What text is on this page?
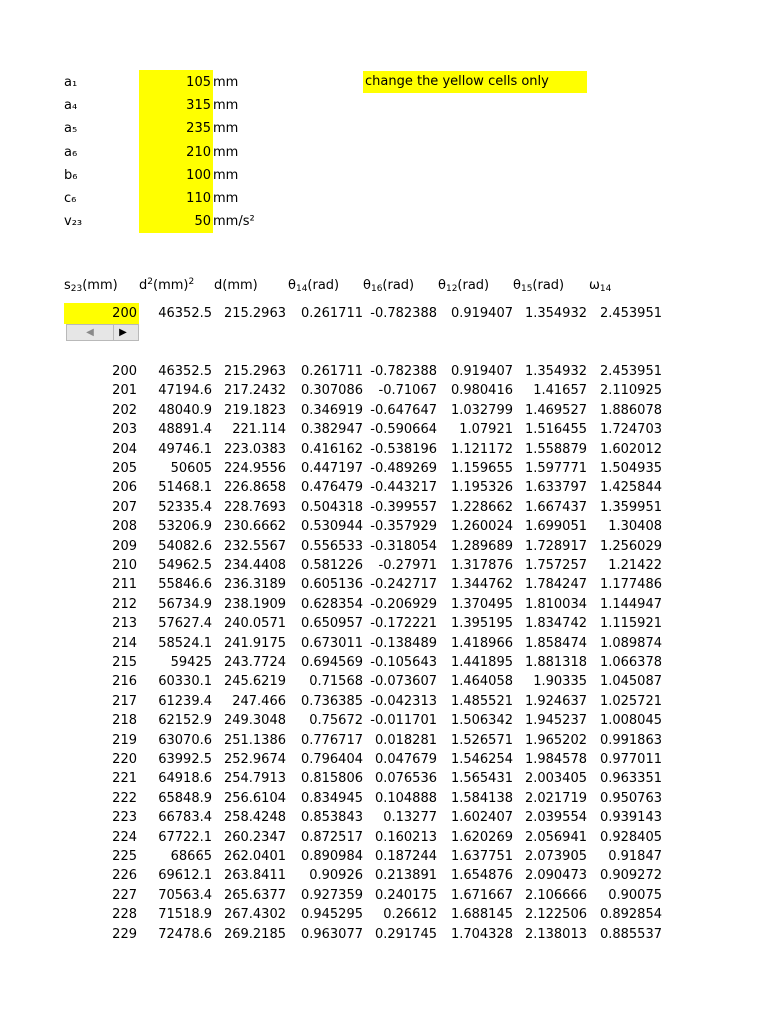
a₁	105 mm
a₄	315 mm
a₅	235 mm
a₆	210 mm
b₆	100 mm
c₆	110 mm
v₂₃	50 mm/s²
change the yellow cells only
$s_{23}(mm)$ $d^2(mm)^2$ d(mm) $\theta_{14}(rad)$ $\theta_{16}(rad)$ $\theta_{12}(rad)$ $\theta_{15}(rad)$ $\omega_{14}$
200 46352.5 215.2963 0.261711 -0.782388 0.919407 1.354932 2.453951
◀	▶
200 46352.5 215.2963 0.261711 -0.782388 0.919407 1.354932 2.453951
201 47194.6 217.2432 0.307086 -0.71067 0.980416 1.41657 2.110925
202 48040.9 219.1823 0.346919 -0.647647 1.032799 1.469527 1.886078
203 48891.4 221.114 0.382947 -0.590664 1.07921 1.516455 1.724703
204 49746.1 223.0383 0.416162 -0.538196 1.121172 1.558879 1.602012
205	50605 224.9556 0.447197 -0.489269 1.159655 1.597771 1.504935
206 51468.1 226.8658 0.476479 -0.443217 1.195326 1.633797 1.425844
207 52335.4 228.7693 0.504318 -0.399557 1.228662 1.667437 1.359951
208 53206.9 230.6662 0.530944 -0.357929 1.260024 1.699051 1.30408
209 54082.6 232.5567 0.556533 -0.318054 1.289689 1.728917 1.256029
210 54962.5 234.4408 0.581226 -0.27971 1.317876 1.757257 1.21422
211 55846.6 236.3189 0.605136 -0.242717 1.344762 1.784247 1.177486
212 56734.9 238.1909 0.628354 -0.206929 1.370495 1.810034 1.144947
213 57627.4 240.0571 0.650957 -0.172221 1.395195 1.834742 1.115921
214 58524.1 241.9175 0.673011 -0.138489 1.418966 1.858474 1.089874
215	59425 243.7724 0.694569 -0.105643 1.441895 1.881318 1.066378
216 60330.1 245.6219 0.71568 -0.073607 1.464058 1.90335 1.045087
217 61239.4 247.466 0.736385 -0.042313 1.485521 1.924637 1.025721
218 62152.9 249.3048 0.75672 -0.011701 1.506342 1.945237 1.008045
219 63070.6 251.1386 0.776717 0.018281 1.526571 1.965202 0.991863
220 63992.5 252.9674 0.796404 0.047679 1.546254 1.984578 0.977011
221 64918.6 254.7913 0.815806 0.076536 1.565431 2.003405 0.963351
222 65848.9 256.6104 0.834945 0.104888 1.584138 2.021719 0.950763
223 66783.4 258.4248 0.853843 0.13277 1.602407 2.039554 0.939143
224 67722.1 260.2347 0.872517 0.160213 1.620269 2.056941 0.928405
225	68665 262.0401 0.890984 0.187244 1.637751 2.073905 0.91847
226 69612.1 263.8411 0.90926 0.213891 1.654876 2.090473 0.909272
227 70563.4 265.6377 0.927359 0.240175 1.671667 2.106666 0.90075
228 71518.9 267.4302 0.945295 0.26612 1.688145 2.122506 0.892854
229 72478.6 269.2185 0.963077 0.291745 1.704328 2.138013 0.885537
